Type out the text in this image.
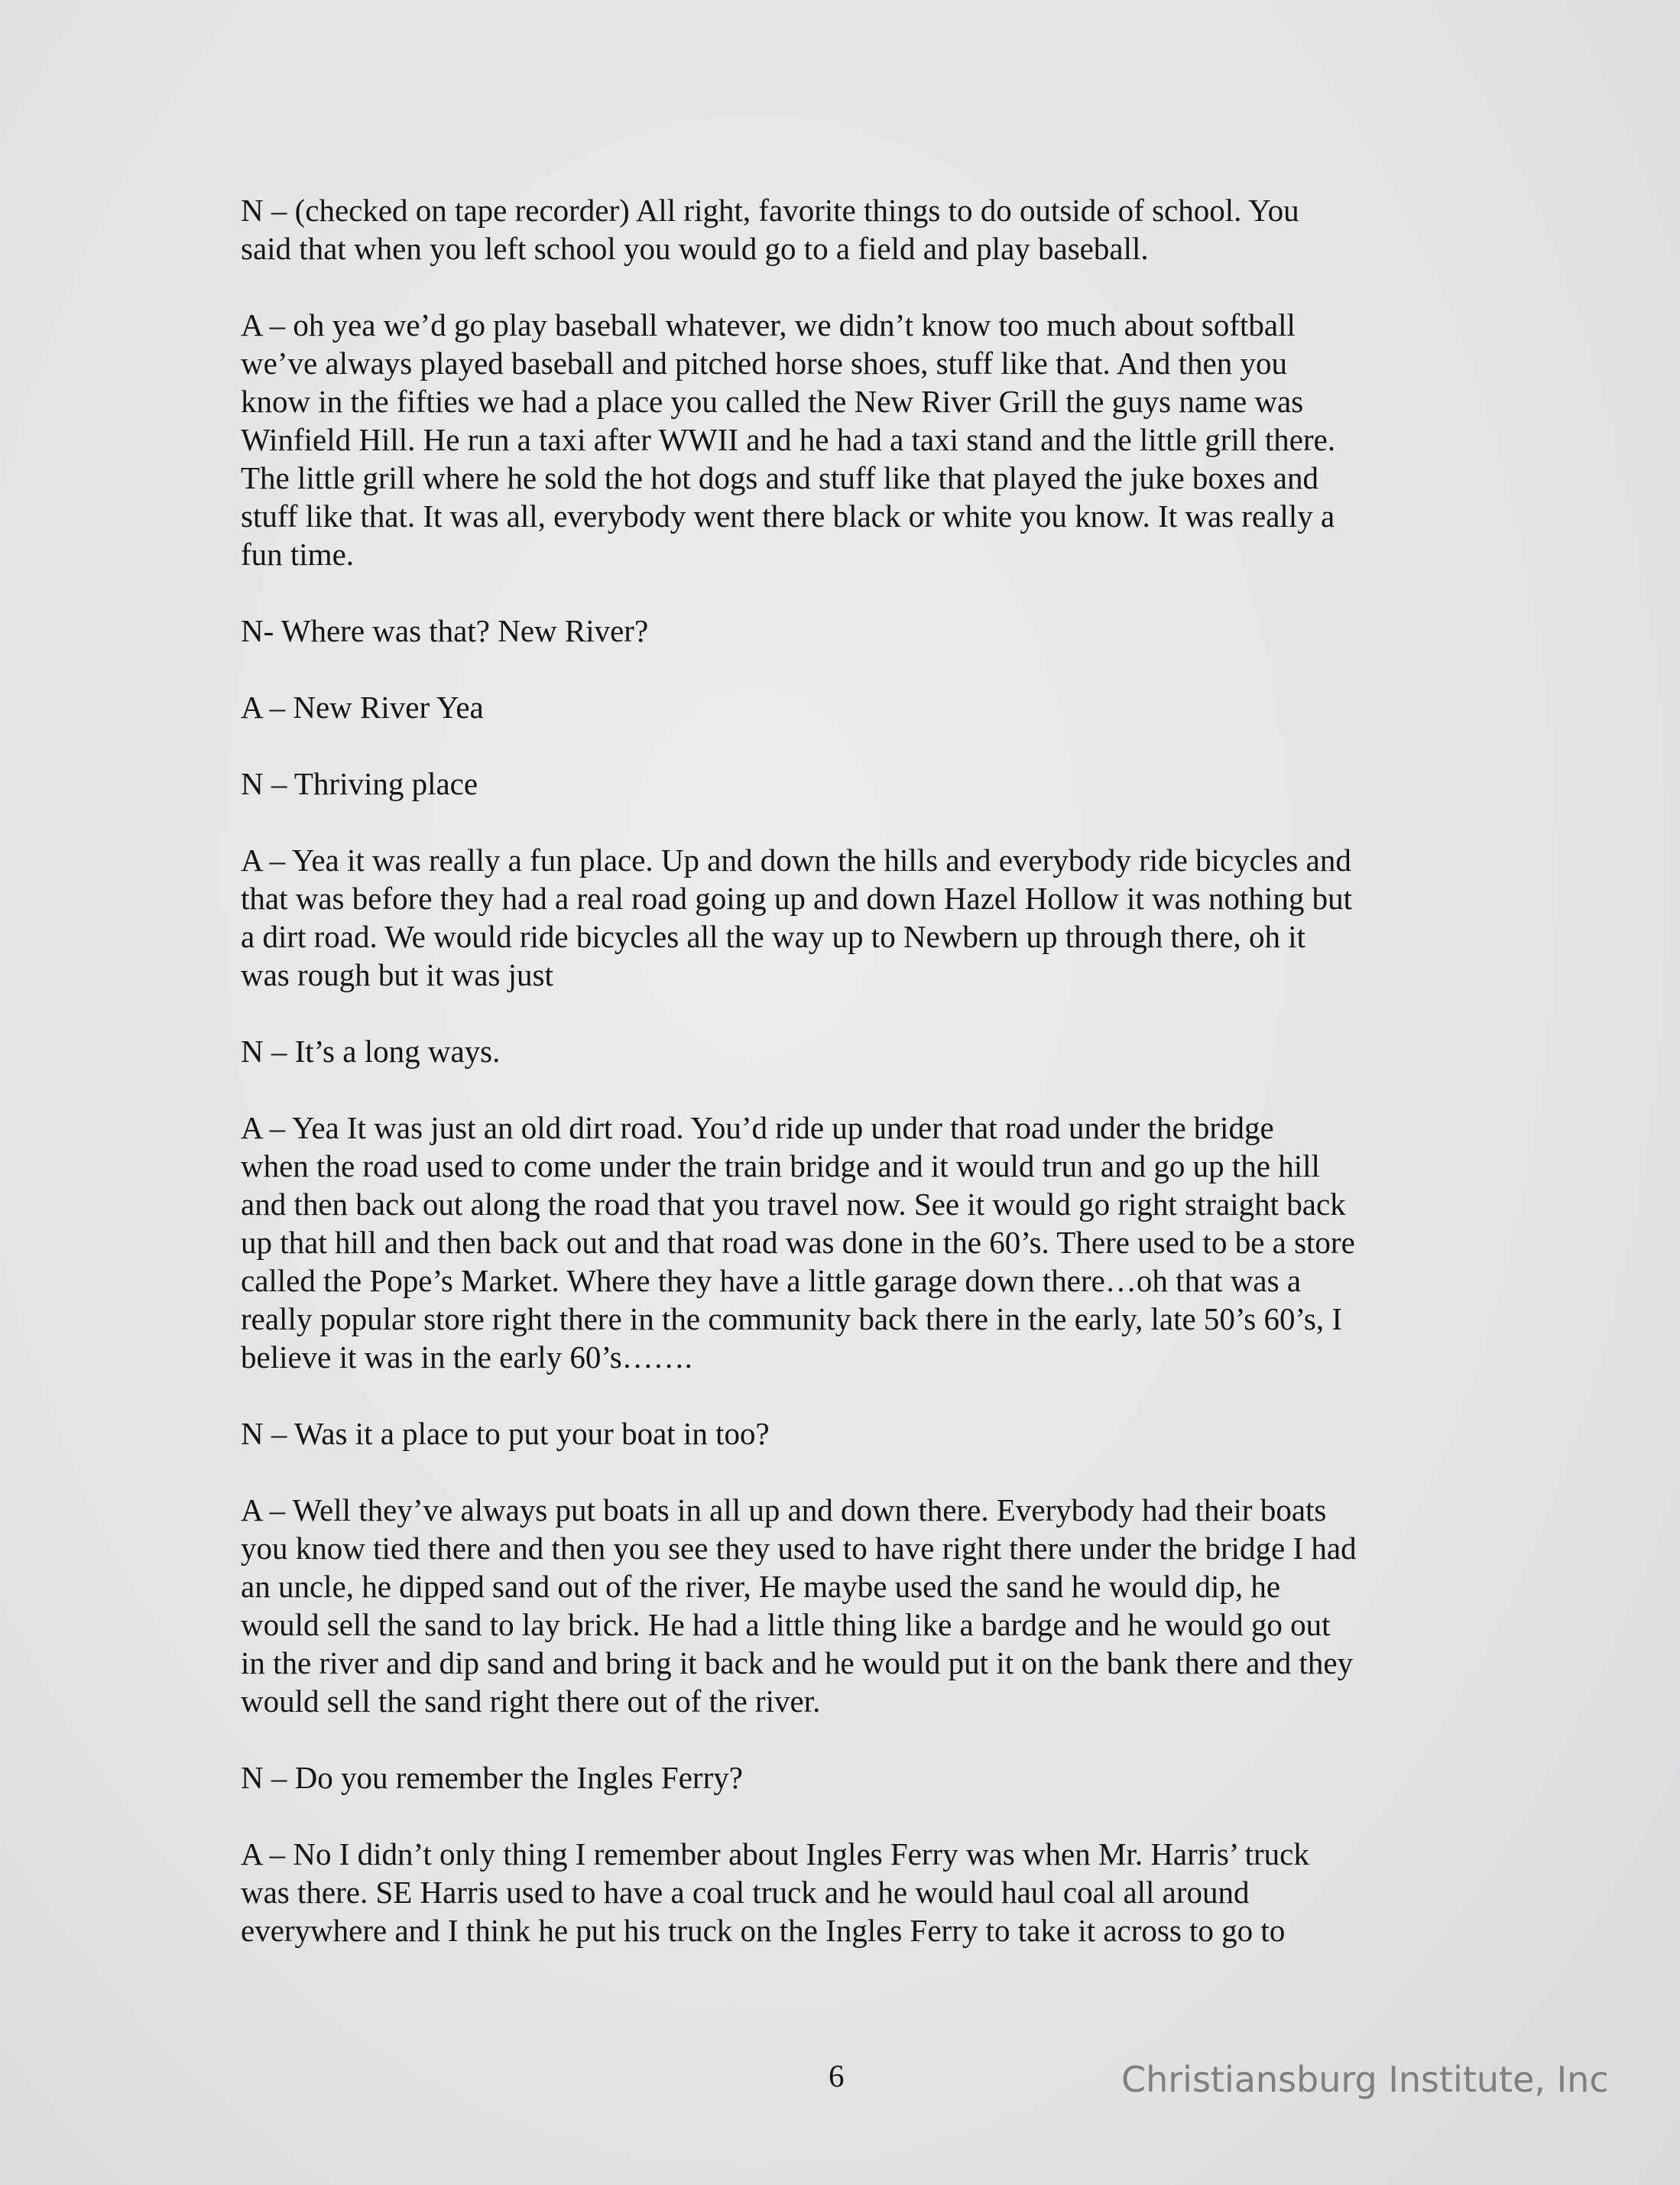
N – (checked on tape recorder) All right, favorite things to do outside of school. You
said that when you left school you would go to a field and play baseball.

A – oh yea we’d go play baseball whatever, we didn’t know too much about softball
we’ve always played baseball and pitched horse shoes, stuff like that. And then you
know in the fifties we had a place you called the New River Grill the guys name was
Winfield Hill. He run a taxi after WWII and he had a taxi stand and the little grill there.
The little grill where he sold the hot dogs and stuff like that played the juke boxes and
stuff like that. It was all, everybody went there black or white you know. It was really a
fun time.

N- Where was that? New River?

A – New River Yea

N – Thriving place

A – Yea it was really a fun place. Up and down the hills and everybody ride bicycles and
that was before they had a real road going up and down Hazel Hollow it was nothing but
a dirt road. We would ride bicycles all the way up to Newbern up through there, oh it
was rough but it was just

N – It’s a long ways.

A – Yea It was just an old dirt road. You’d ride up under that road under the bridge
when the road used to come under the train bridge and it would trun and go up the hill
and then back out along the road that you travel now. See it would go right straight back
up that hill and then back out and that road was done in the 60’s. There used to be a store
called the Pope’s Market. Where they have a little garage down there…oh that was a
really popular store right there in the community back there in the early, late 50’s 60’s, I
believe it was in the early 60’s…….

N – Was it a place to put your boat in too?

A – Well they’ve always put boats in all up and down there. Everybody had their boats
you know tied there and then you see they used to have right there under the bridge I had
an uncle, he dipped sand out of the river, He maybe used the sand he would dip, he
would sell the sand to lay brick. He had a little thing like a bardge and he would go out
in the river and dip sand and bring it back and he would put it on the bank there and they
would sell the sand right there out of the river.

N – Do you remember the Ingles Ferry?

A – No I didn’t only thing I remember about Ingles Ferry was when Mr. Harris’ truck
was there. SE Harris used to have a coal truck and he would haul coal all around
everywhere and I think he put his truck on the Ingles Ferry to take it across to go to

6	Christiansburg Institute, Inc
